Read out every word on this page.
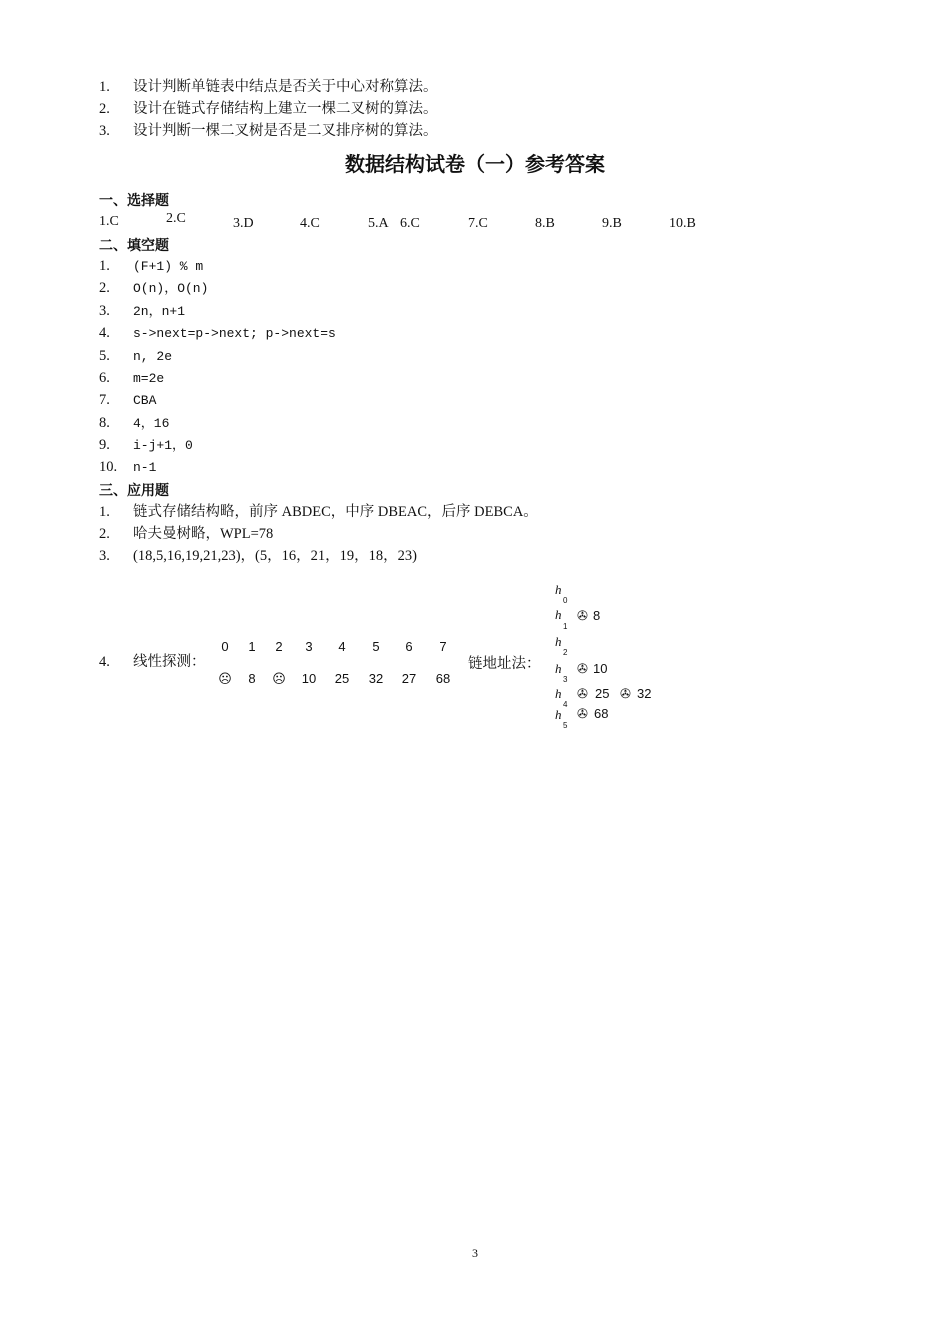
1. 设计判断单链表中结点是否关于中心对称算法。
2. 设计在链式存储结构上建立一棵二叉树的算法。
3. 设计判断一棵二叉树是否是二叉排序树的算法。
数据结构试卷（一）参考答案
一、选择题
1.C	2.C	3.D	4.C	5.A 6.C	7.C	8.B	9.B	10.B
二、填空题
1. (F+1) % m
2. O(n)，O(n)
3. 2n，n+1
4. s->next=p->next; p->next=s
5. n, 2e
6. m=2e
7. CBA
8. 4，16
9. i-j+1，0
10. n-1
三、应用题
1. 链式存储结构略，前序 ABDEC，中序 DBEAC，后序 DEBCA。
2. 哈夫曼树略，WPL=78
3. (18,5,16,19,21,23)，(5，16，21，19，18，23)
4. 线性探测：
0	1	2	3	4	5	6	7
☹	8	☹	10	25	32	27	68
链地址法：
h
0
h
1
✇ 8
h
2
h
3
✇ 10
h
4
✇ 25 ✇ 32
h
5
✇ 68
3
